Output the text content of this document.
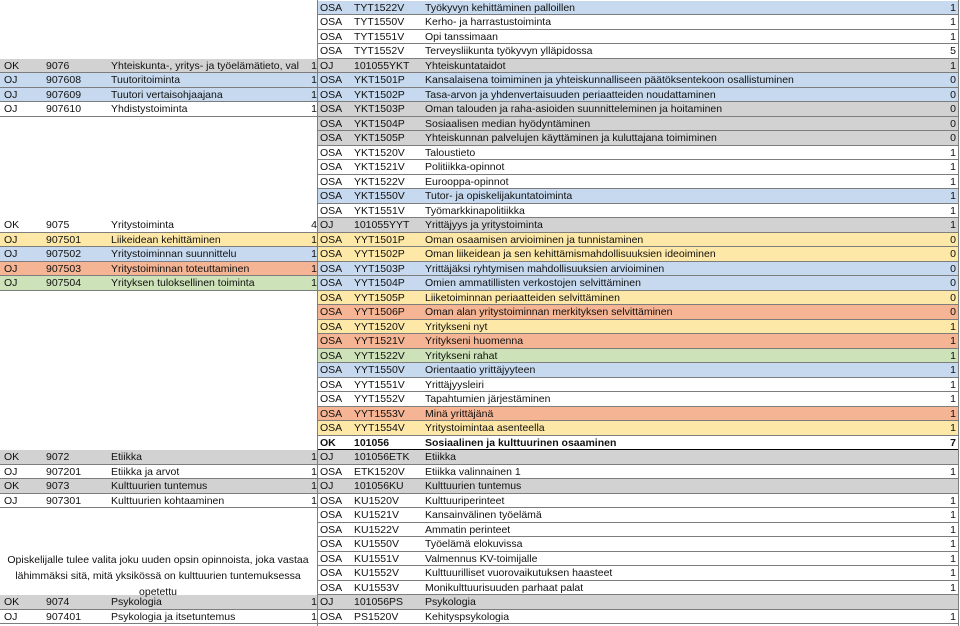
OK	9076	Yhteiskunta-, yritys- ja työelämätieto, val	1
OJ	907608	Tuutoritoiminta	1
OJ	907609	Tuutori vertaisohjaajana	1
OJ	907610	Yhdistystoiminta	1
OK	9075	Yritystoiminta	4
OJ	907501	Liikeidean kehittäminen	1
OJ	907502	Yritystoiminnan suunnittelu	1
OJ	907503	Yritystoiminnan toteuttaminen	1
OJ	907504	Yrityksen tuloksellinen toiminta	1
OK	9072	Etiikka	1
OJ	907201	Etiikka ja arvot	1
OK	9073	Kulttuurien tuntemus	1
OJ	907301	Kulttuurien kohtaaminen	1
OK	9074	Psykologia	1
OJ	907401	Psykologia ja itsetuntemus	1
OSA	TYT1522V	Työkyvyn kehittäminen palloillen	1
OSA	TYT1550V	Kerho- ja harrastustoiminta	1
OSA	TYT1551V	Opi tanssimaan	1
OSA	TYT1552V	Terveysliikunta työkyvyn ylläpidossa	5
OJ	101055YKT	Yhteiskuntataidot	1
OSA	YKT1501P	Kansalaisena toimiminen ja yhteiskunnalliseen päätöksentekoon osallistuminen	0
OSA	YKT1502P	Tasa-arvon ja yhdenvertaisuuden periaatteiden noudattaminen	0
OSA	YKT1503P	Oman talouden ja raha-asioiden suunnitteleminen ja hoitaminen	0
OSA	YKT1504P	Sosiaalisen median hyödyntäminen	0
OSA	YKT1505P	Yhteiskunnan palvelujen käyttäminen ja kuluttajana toimiminen	0
OSA	YKT1520V	Taloustieto	1
OSA	YKT1521V	Politiikka-opinnot	1
OSA	YKT1522V	Eurooppa-opinnot	1
OSA	YKT1550V	Tutor- ja opiskelijakuntatoiminta	1
OSA	YKT1551V	Työmarkkinapolitiikka	1
OJ	101055YYT	Yrittäjyys ja yritystoiminta	1
OSA	YYT1501P	Oman osaamisen arvioiminen ja tunnistaminen	0
OSA	YYT1502P	Oman liikeidean ja sen kehittämismahdollisuuksien ideoiminen	0
OSA	YYT1503P	Yrittäjäksi ryhtymisen mahdollisuuksien arvioiminen	0
OSA	YYT1504P	Omien ammatillisten verkostojen selvittäminen	0
OSA	YYT1505P	Liiketoiminnan periaatteiden selvittäminen	0
OSA	YYT1506P	Oman alan yritystoiminnan merkityksen selvittäminen	0
OSA	YYT1520V	Yritykseni nyt	1
OSA	YYT1521V	Yritykseni huomenna	1
OSA	YYT1522V	Yritykseni rahat	1
OSA	YYT1550V	Orientaatio yrittäjyyteen	1
OSA	YYT1551V	Yrittäjyysleiri	1
OSA	YYT1552V	Tapahtumien järjestäminen	1
OSA	YYT1553V	Minä yrittäjänä	1
OSA	YYT1554V	Yritystoimintaa asenteella	1
OK	101056	Sosiaalinen ja kulttuurinen osaaminen	7
OJ	101056ETK	Etiikka
OSA	ETK1520V	Etiikka valinnainen 1	1
OJ	101056KU	Kulttuurien tuntemus
OSA	KU1520V	Kulttuuriperinteet	1
OSA	KU1521V	Kansainvälinen työelämä	1
OSA	KU1522V	Ammatin perinteet	1
OSA	KU1550V	Työelämä elokuvissa	1
OSA	KU1551V	Valmennus KV-toimijalle	1
OSA	KU1552V	Kulttuurilliset vuorovaikutuksen haasteet	1
OSA	KU1553V	Monikulttuurisuuden parhaat palat	1
OJ	101056PS	Psykologia
OSA	PS1520V	Kehityspsykologia	1
Opiskelijalle tulee valita joku uuden opsin opinnoista, joka vastaa lähimmäksi sitä, mitä yksikössä on kulttuurien tuntemuksessa opetettu
